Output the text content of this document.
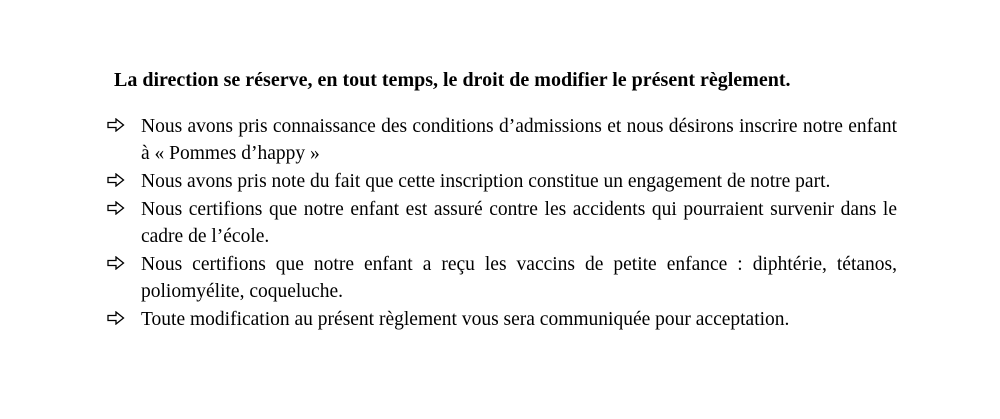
La direction se réserve, en tout temps, le droit de modifier le présent règlement.

Nous avons pris connaissance des conditions d’admissions et nous désirons inscrire notre enfant à « Pommes d’happy »
Nous avons pris note du fait que cette inscription constitue un engagement de notre part.
Nous certifions que notre enfant est assuré contre les accidents qui pourraient survenir dans le cadre de l’école.
Nous certifions que notre enfant a reçu les vaccins de petite enfance : diphtérie, tétanos, poliomyélite, coqueluche.
Toute modification au présent règlement vous sera communiquée pour acceptation.
